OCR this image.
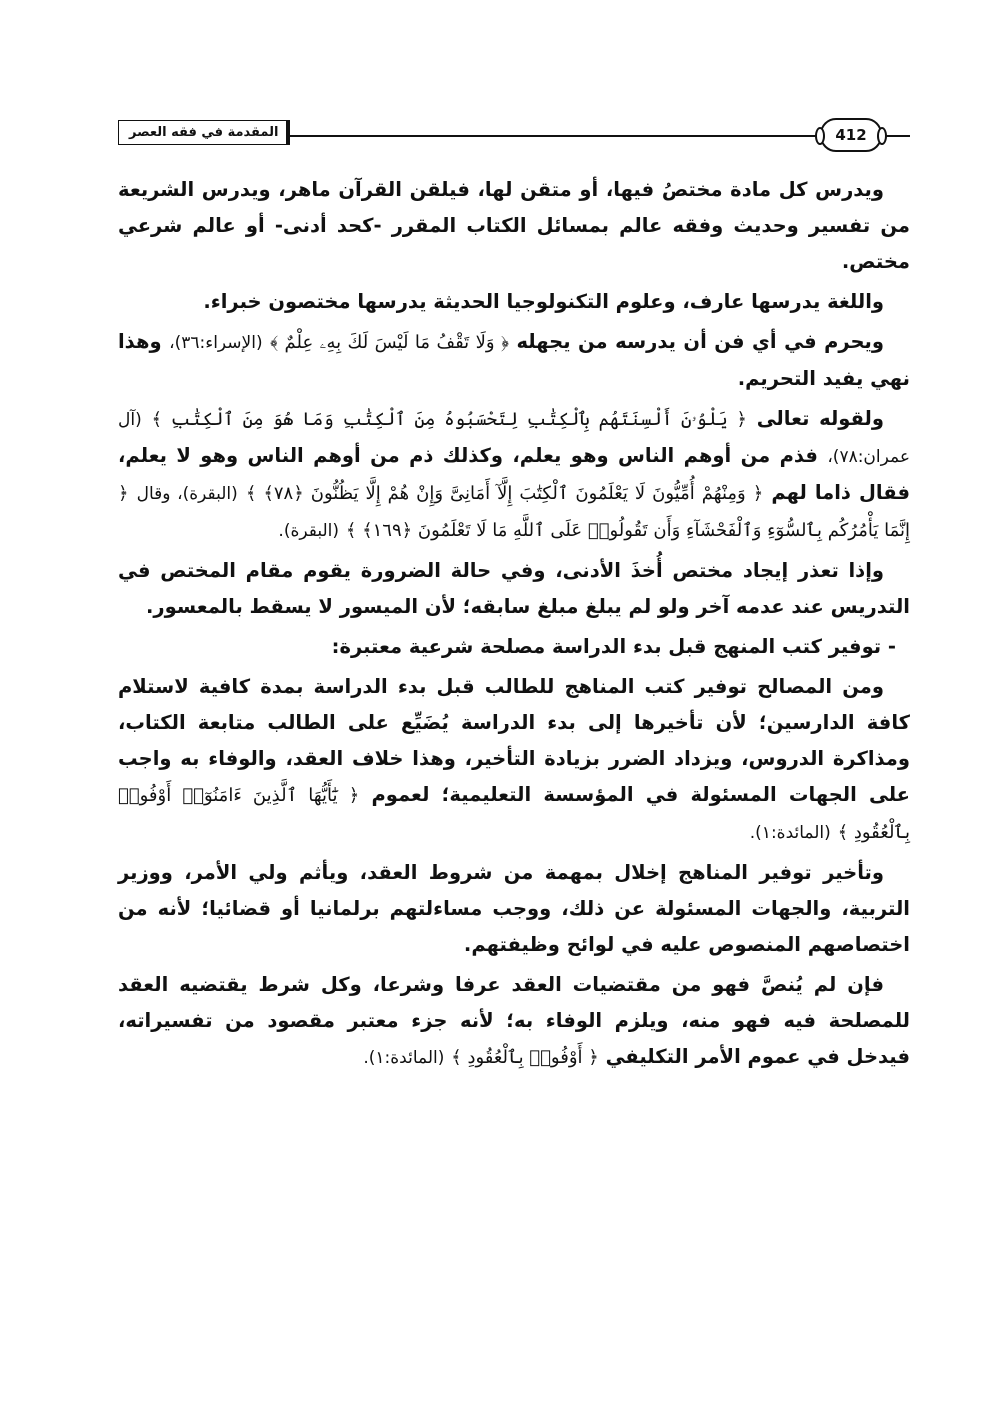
المقدمة في فقه العصر	412

ويدرس كل مادة مختصُ فيها، أو متقن لها، فيلقن القرآن ماهر، ويدرس الشريعة من تفسير وحديث وفقه عالم بمسائل الكتاب المقرر -كحد أدنى- أو عالم شرعي مختص.

واللغة يدرسها عارف، وعلوم التكنولوجيا الحديثة يدرسها مختصون خبراء.

ويحرم في أي فن أن يدرسه من يجهله ﴿ وَلَا تَقْفُ مَا لَيْسَ لَكَ بِهِۦ عِلْمٌ ﴾ (الإسراء:٣٦)، وهذا نهي يفيد التحريم.

ولقوله تعالى ﴿ يَلْوُۥنَ أَلْسِنَتَهُم بِٱلْكِتَٰبِ لِتَحْسَبُوهُ مِنَ ٱلْكِتَٰبِ وَمَا هُوَ مِنَ ٱلْكِتَٰبِ ﴾ (آل عمران:٧٨)، فذم من أوهم الناس وهو يعلم، وكذلك ذم من أوهم الناس وهو لا يعلم، فقال ذاما لهم ﴿ وَمِنْهُمْ أُمِّيُّونَ لَا يَعْلَمُونَ ٱلْكِتَٰبَ إِلَّآ أَمَانِىَّ وَإِنْ هُمْ إِلَّا يَظُنُّونَ ﴿٧٨﴾ ﴾ (البقرة)، وقال ﴿ إِنَّمَا يَأْمُرُكُم بِٱلسُّوٓءِ وَٱلْفَحْشَآءِ وَأَن تَقُولُوا۟ عَلَى ٱللَّهِ مَا لَا تَعْلَمُونَ ﴿١٦٩﴾ ﴾ (البقرة).

وإذا تعذر إيجاد مختص أُخذَ الأدنى، وفي حالة الضرورة يقوم مقام المختص في التدريس عند عدمه آخر ولو لم يبلغ مبلغ سابقه؛ لأن الميسور لا يسقط بالمعسور.

- توفير كتب المنهج قبل بدء الدراسة مصلحة شرعية معتبرة:

ومن المصالح توفير كتب المناهج للطالب قبل بدء الدراسة بمدة كافية لاستلام كافة الدارسين؛ لأن تأخيرها إلى بدء الدراسة يُضَيِّع على الطالب متابعة الكتاب، ومذاكرة الدروس، ويزداد الضرر بزيادة التأخير، وهذا خلاف العقد، والوفاء به واجب على الجهات المسئولة في المؤسسة التعليمية؛ لعموم ﴿ يَٰٓأَيُّهَا ٱلَّذِينَ ءَامَنُوٓا۟ أَوْفُوا۟ بِٱلْعُقُودِ ﴾ (المائدة:١).

وتأخير توفير المناهج إخلال بمهمة من شروط العقد، ويأثم ولي الأمر، ووزير التربية، والجهات المسئولة عن ذلك، ووجب مساءلتهم برلمانيا أو قضائيا؛ لأنه من اختصاصهم المنصوص عليه في لوائح وظيفتهم.

فإن لم يُنصَّ فهو من مقتضيات العقد عرفا وشرعا، وكل شرط يقتضيه العقد للمصلحة فيه فهو منه، ويلزم الوفاء به؛ لأنه جزء معتبر مقصود من تفسيراته، فيدخل في عموم الأمر التكليفي ﴿ أَوْفُوا۟ بِٱلْعُقُودِ ﴾ (المائدة:١).
